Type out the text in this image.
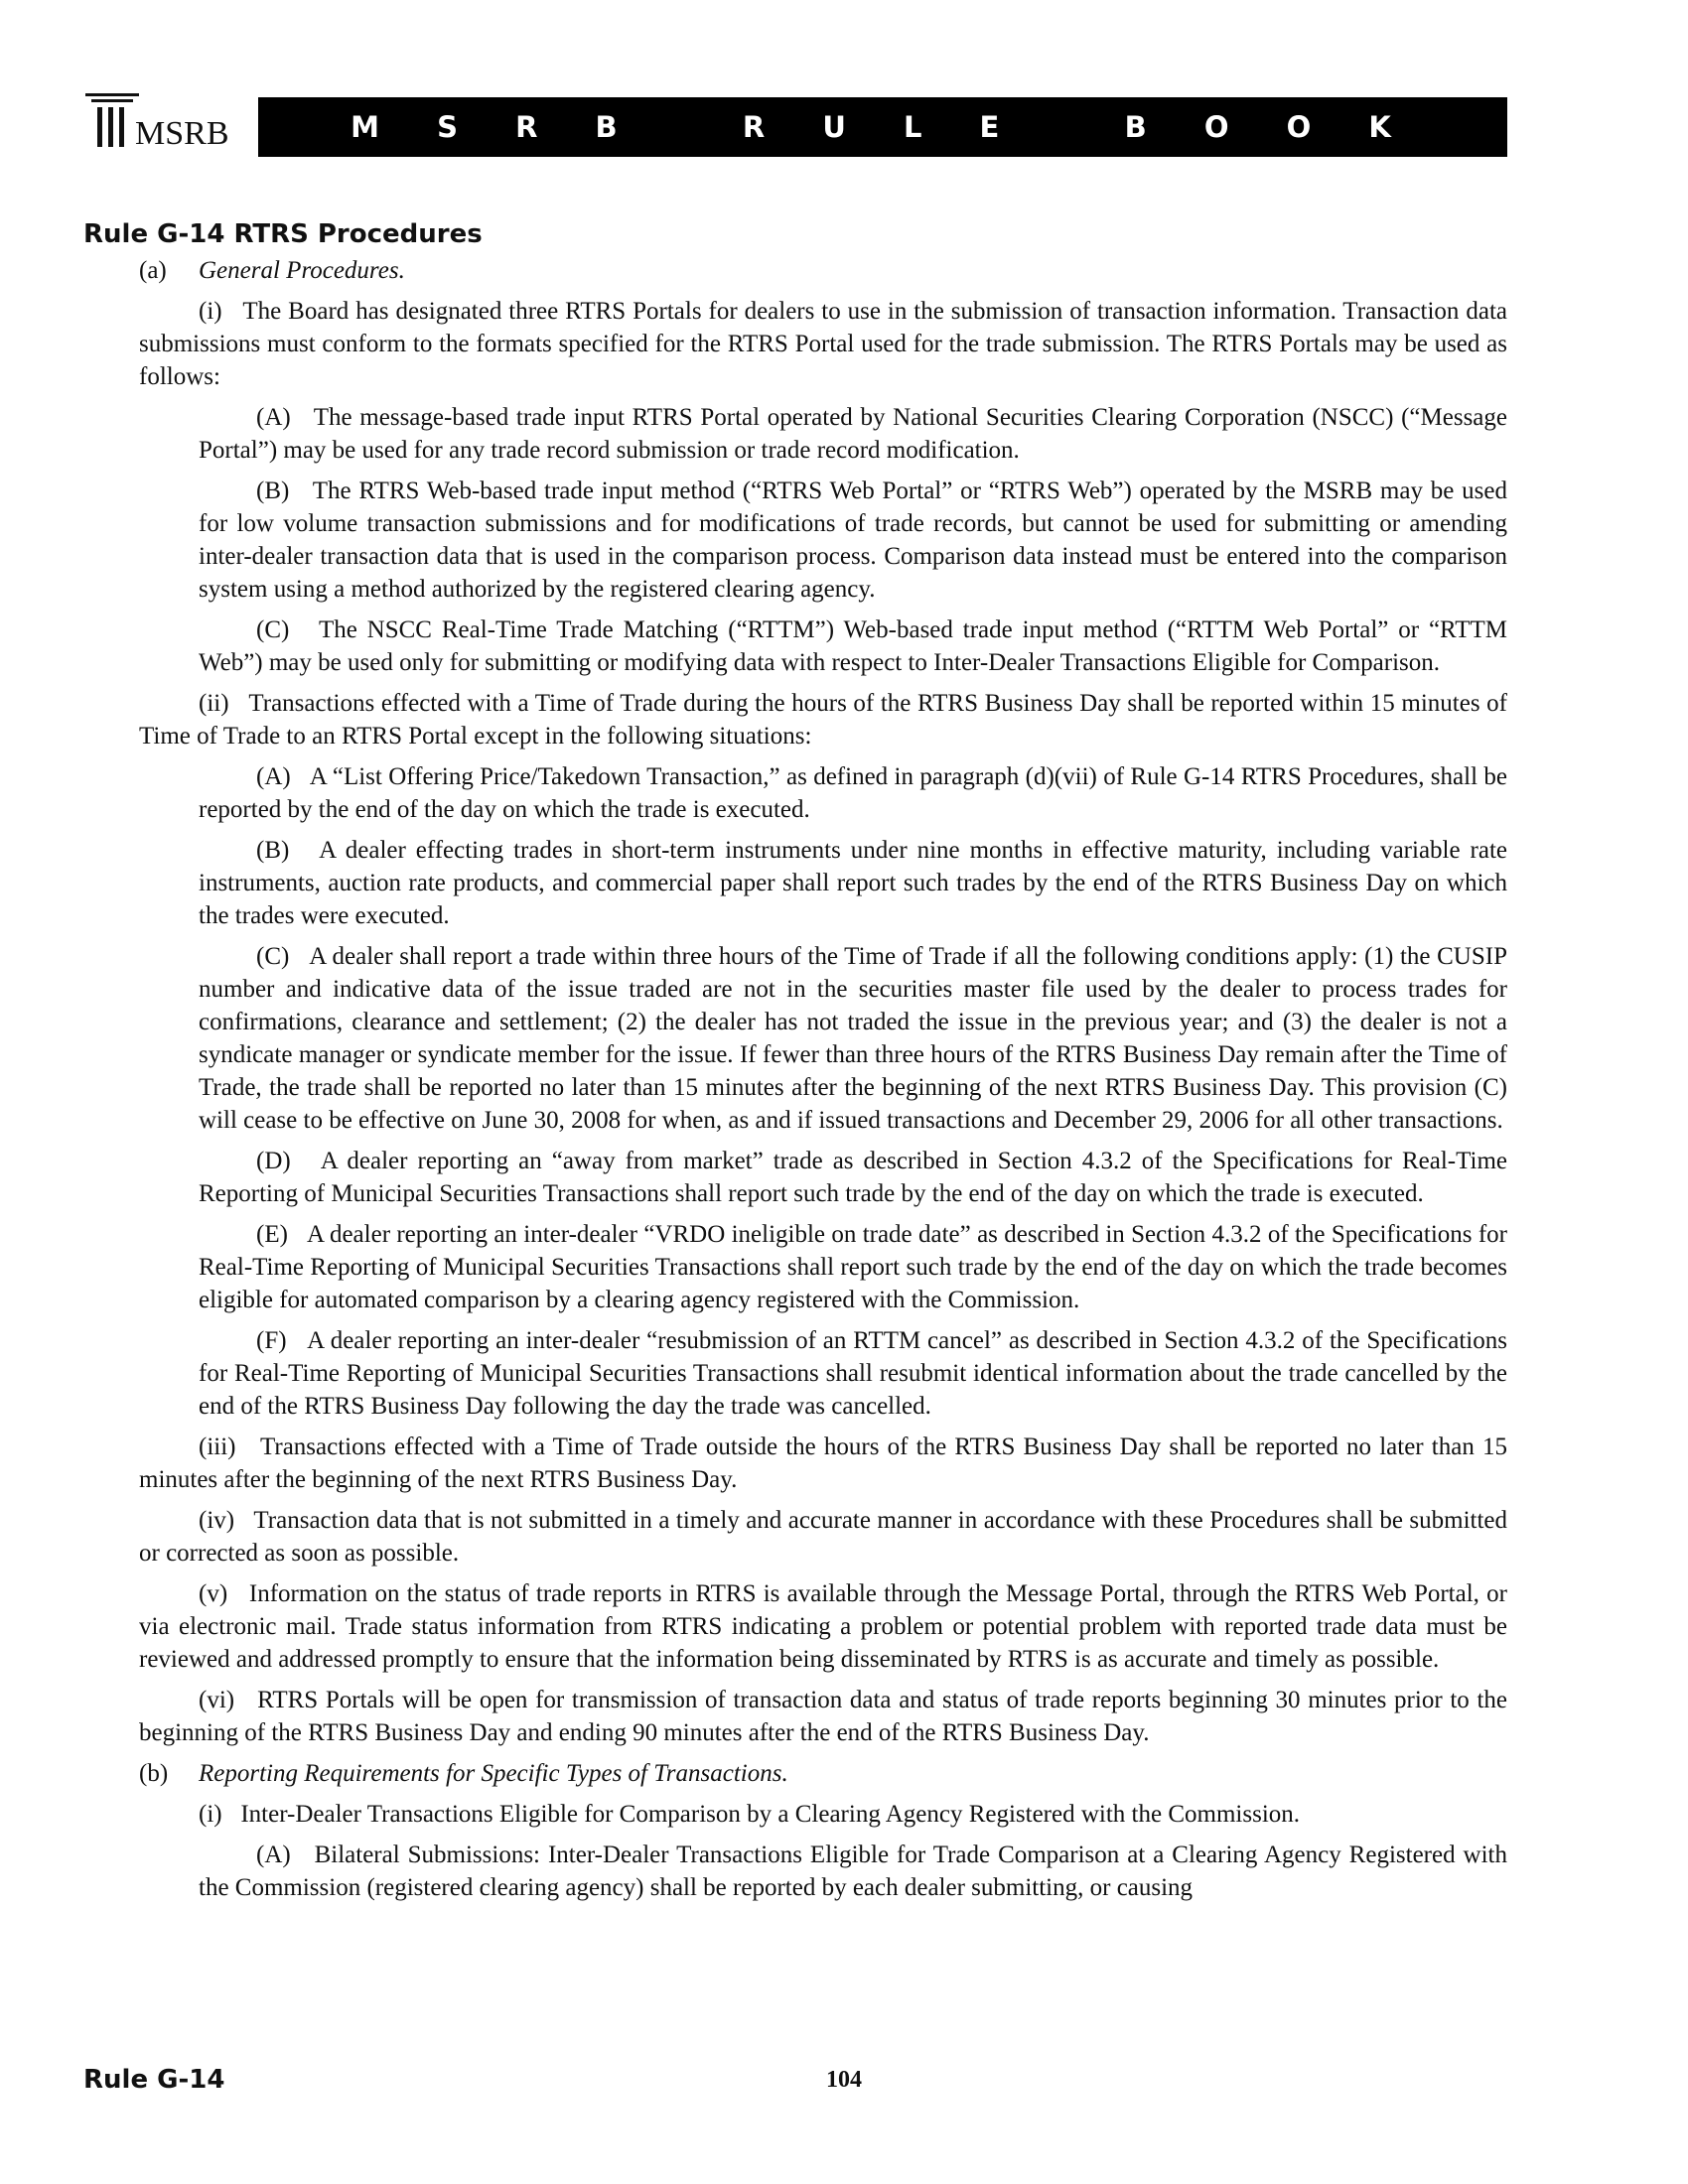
MSRB	M S R B   R U L E   B O O K
Rule G-14 RTRS Procedures

(a) General Procedures.

(i)   The Board has designated three RTRS Portals for dealers to use in the submission of transaction information. Transaction data submissions must conform to the formats specified for the RTRS Portal used for the trade submission. The RTRS Portals may be used as follows:

(A)   The message-based trade input RTRS Portal operated by National Securities Clearing Corporation (NSCC) (“Message Portal”) may be used for any trade record submission or trade record modification.

(B)   The RTRS Web-based trade input method (“RTRS Web Portal” or “RTRS Web”) operated by the MSRB may be used for low volume transaction submissions and for modifications of trade records, but cannot be used for submitting or amending inter-dealer transaction data that is used in the comparison process. Comparison data instead must be entered into the comparison system using a method authorized by the registered clearing agency.

(C)   The NSCC Real-Time Trade Matching (“RTTM”) Web-based trade input method (“RTTM Web Portal” or “RTTM Web”) may be used only for submitting or modifying data with respect to Inter-Dealer Transactions Eligible for Comparison.

(ii)   Transactions effected with a Time of Trade during the hours of the RTRS Business Day shall be reported within 15 minutes of Time of Trade to an RTRS Portal except in the following situations:

(A)   A “List Offering Price/Takedown Transaction,” as defined in paragraph (d)(vii) of Rule G-14 RTRS Procedures, shall be reported by the end of the day on which the trade is executed.

(B)   A dealer effecting trades in short-term instruments under nine months in effective maturity, including variable rate instruments, auction rate products, and commercial paper shall report such trades by the end of the RTRS Business Day on which the trades were executed.

(C)   A dealer shall report a trade within three hours of the Time of Trade if all the following conditions apply: (1) the CUSIP number and indicative data of the issue traded are not in the securities master file used by the dealer to process trades for confirmations, clearance and settlement; (2) the dealer has not traded the issue in the previous year; and (3) the dealer is not a syndicate manager or syndicate member for the issue. If fewer than three hours of the RTRS Business Day remain after the Time of Trade, the trade shall be reported no later than 15 minutes after the beginning of the next RTRS Business Day. This provision (C) will cease to be effective on June 30, 2008 for when, as and if issued transactions and December 29, 2006 for all other transactions.

(D)   A dealer reporting an “away from market” trade as described in Section 4.3.2 of the Specifications for Real-Time Reporting of Municipal Securities Transactions shall report such trade by the end of the day on which the trade is executed.

(E)   A dealer reporting an inter-dealer “VRDO ineligible on trade date” as described in Section 4.3.2 of the Specifications for Real-Time Reporting of Municipal Securities Transactions shall report such trade by the end of the day on which the trade becomes eligible for automated comparison by a clearing agency registered with the Commission.

(F)   A dealer reporting an inter-dealer “resubmission of an RTTM cancel” as described in Section 4.3.2 of the Specifications for Real-Time Reporting of Municipal Securities Transactions shall resubmit identical information about the trade cancelled by the end of the RTRS Business Day following the day the trade was cancelled.

(iii)   Transactions effected with a Time of Trade outside the hours of the RTRS Business Day shall be reported no later than 15 minutes after the beginning of the next RTRS Business Day.

(iv)   Transaction data that is not submitted in a timely and accurate manner in accordance with these Procedures shall be submitted or corrected as soon as possible.

(v)   Information on the status of trade reports in RTRS is available through the Message Portal, through the RTRS Web Portal, or via electronic mail. Trade status information from RTRS indicating a problem or potential problem with reported trade data must be reviewed and addressed promptly to ensure that the information being disseminated by RTRS is as accurate and timely as possible.

(vi)   RTRS Portals will be open for transmission of transaction data and status of trade reports beginning 30 minutes prior to the beginning of the RTRS Business Day and ending 90 minutes after the end of the RTRS Business Day.

(b) Reporting Requirements for Specific Types of Transactions.

(i)   Inter-Dealer Transactions Eligible for Comparison by a Clearing Agency Registered with the Commission.

(A)   Bilateral Submissions: Inter-Dealer Transactions Eligible for Trade Comparison at a Clearing Agency Registered with the Commission (registered clearing agency) shall be reported by each dealer submitting, or causing

Rule G-14	104
